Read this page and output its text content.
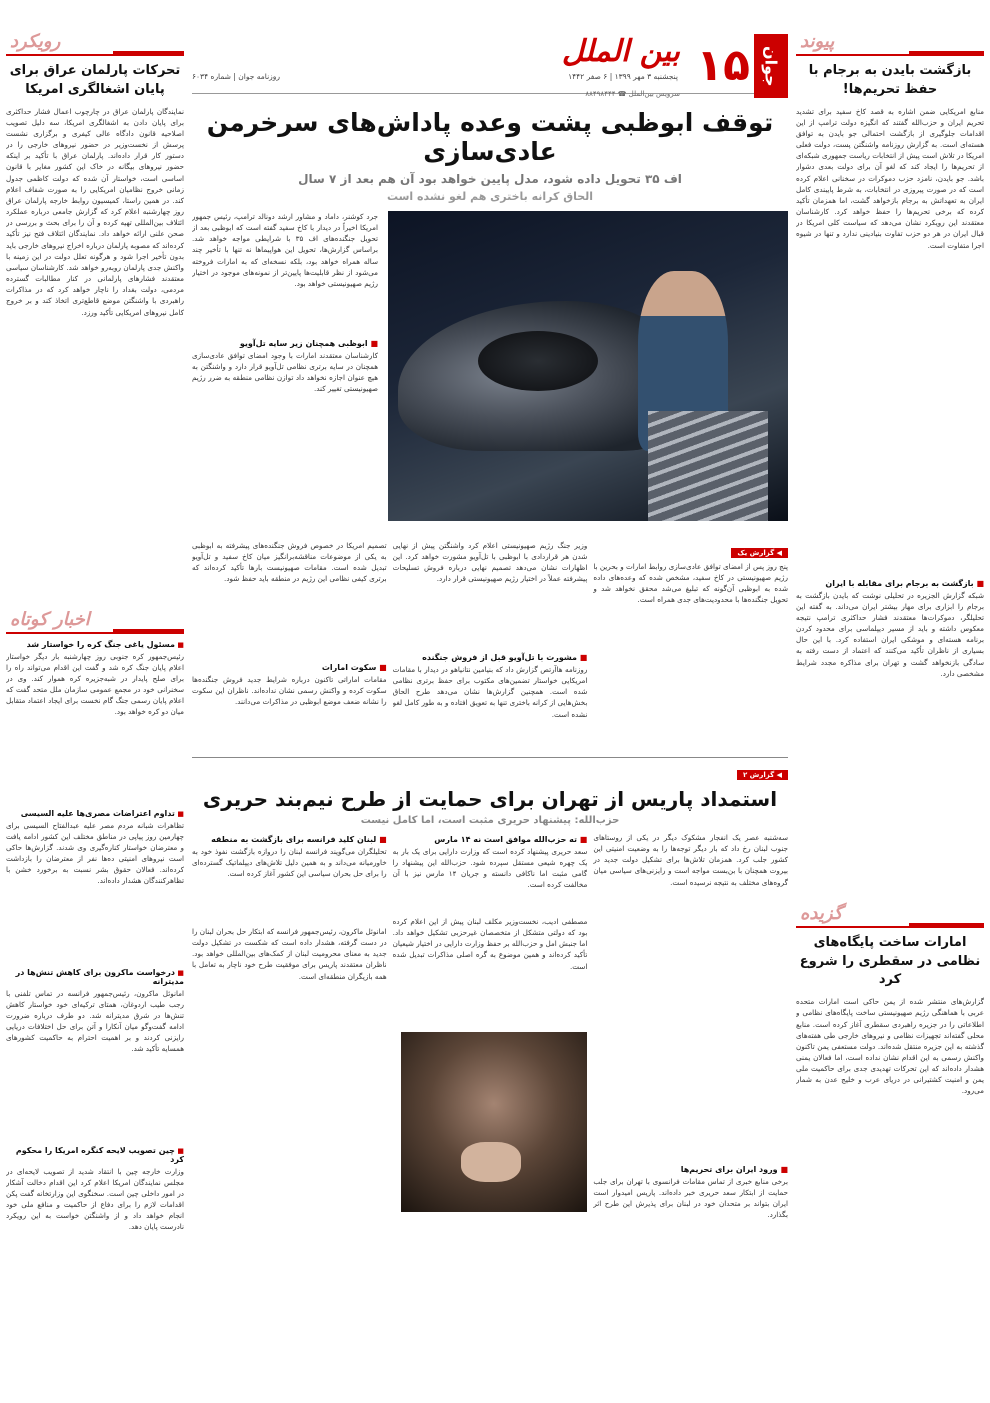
رویکرد
تحرکات پارلمان عراق برای پایان اشغالگری امریکا
نمایندگان پارلمان عراق در چارچوب اعمال فشار حداکثری برای پایان دادن به اشغالگری امریکا، سه دلیل تصویب اصلاحیه قانون دادگاه عالی کیفری و برگزاری نشست پرسش از نخست‌وزیر در حضور نیروهای خارجی را در دستور کار قرار داده‌اند. پارلمان عراق با تأکید بر اینکه حضور نیروهای بیگانه در خاک این کشور مغایر با قانون اساسی است، خواستار آن شده که دولت کاظمی جدول زمانی خروج نظامیان امریکایی را به صورت شفاف اعلام کند. در همین راستا، کمیسیون روابط خارجه پارلمان عراق روز چهارشنبه اعلام کرد که گزارش جامعی درباره عملکرد ائتلاف بین‌المللی تهیه کرده و آن را برای بحث و بررسی در صحن علنی ارائه خواهد داد. نمایندگان ائتلاف فتح نیز تأکید کرده‌اند که مصوبه پارلمان درباره اخراج نیروهای خارجی باید بدون تأخیر اجرا شود و هرگونه تعلل دولت در این زمینه با واکنش جدی پارلمان روبه‌رو خواهد شد. کارشناسان سیاسی معتقدند فشارهای پارلمانی در کنار مطالبات گسترده مردمی، دولت بغداد را ناچار خواهد کرد که در مذاکرات راهبردی با واشنگتن موضع قاطع‌تری اتخاذ کند و بر خروج کامل نیروهای امریکایی تأکید ورزد.
اخبار کوتاه
■ مسئول یاغی جنگ کره را خواستار شد
رئیس‌جمهور کره جنوبی روز چهارشنبه بار دیگر خواستار اعلام پایان جنگ کره شد و گفت این اقدام می‌تواند راه را برای صلح پایدار در شبه‌جزیره کره هموار کند. وی در سخنرانی خود در مجمع عمومی سازمان ملل متحد گفت که اعلام پایان رسمی جنگ گام نخست برای ایجاد اعتماد متقابل میان دو کره خواهد بود.
■ تداوم اعتراضات مصری‌ها علیه السیسی
تظاهرات شبانه مردم مصر علیه عبدالفتاح السیسی برای چهارمین روز پیاپی در مناطق مختلف این کشور ادامه یافت و معترضان خواستار کناره‌گیری وی شدند. گزارش‌ها حاکی است نیروهای امنیتی ده‌ها نفر از معترضان را بازداشت کرده‌اند. فعالان حقوق بشر نسبت به برخورد خشن با تظاهرکنندگان هشدار داده‌اند.
■ درخواست ماکرون برای کاهش تنش‌ها در مدیترانه
امانوئل ماکرون، رئیس‌جمهور فرانسه در تماس تلفنی با رجب طیب اردوغان، همتای ترکیه‌ای خود خواستار کاهش تنش‌ها در شرق مدیترانه شد. دو طرف درباره ضرورت ادامه گفت‌وگو میان آنکارا و آتن برای حل اختلافات دریایی رایزنی کردند و بر اهمیت احترام به حاکمیت کشورهای همسایه تأکید شد.
■ چین تصویب لایحه کنگره امریکا را محکوم کرد
وزارت خارجه چین با انتقاد شدید از تصویب لایحه‌ای در مجلس نمایندگان امریکا اعلام کرد این اقدام دخالت آشکار در امور داخلی چین است. سخنگوی این وزارتخانه گفت پکن اقدامات لازم را برای دفاع از حاکمیت و منافع ملی خود انجام خواهد داد و از واشنگتن خواست به این رویکرد نادرست پایان دهد.
جوان
۱۵
بین الملل
پنجشنبه ۳ مهر ۱۳۹۹ | ۶ صفر ۱۴۴۲
روزنامه جوان | شماره ۶۰۳۴
سرویس بین‌الملل ☎ ۸۸۴۹۸۴۴۴
توقف ابوظبی پشت وعده پاداش‌های سرخرمن عادی‌سازی
اف ۳۵ تحویل داده شود، مدل پایین خواهد بود آن هم بعد از ۷ سال
الحاق کرانه باختری هم لغو نشده است
جرد کوشنر، داماد و مشاور ارشد دونالد ترامپ، رئیس جمهور امریکا اخیراً در دیدار با کاخ سفید گفته است که ابوظبی بعد از تحویل جنگنده‌های اف ۳۵ با شرایطی مواجه خواهد شد. براساس گزارش‌ها، تحویل این هواپیماها نه تنها با تأخیر چند ساله همراه خواهد بود، بلکه نسخه‌ای که به امارات فروخته می‌شود از نظر قابلیت‌ها پایین‌تر از نمونه‌های موجود در اختیار رژیم صهیونیستی خواهد بود.
■ ابوظبی همچنان زیر سایه تل‌آویو
کارشناسان معتقدند امارات با وجود امضای توافق عادی‌سازی همچنان در سایه برتری نظامی تل‌آویو قرار دارد و واشنگتن به هیچ عنوان اجازه نخواهد داد توازن نظامی منطقه به ضرر رژیم صهیونیستی تغییر کند.
◀ گزارش یک
پنج روز پس از امضای توافق عادی‌سازی روابط امارات و بحرین با رژیم صهیونیستی در کاخ سفید، مشخص شده که وعده‌های داده شده به ابوظبی آن‌گونه که تبلیغ می‌شد محقق نخواهد شد و تحویل جنگنده‌ها با محدودیت‌های جدی همراه است.
وزیر جنگ رژیم صهیونیستی اعلام کرد واشنگتن پیش از نهایی شدن هر قراردادی با ابوظبی با تل‌آویو مشورت خواهد کرد. این اظهارات نشان می‌دهد تصمیم نهایی درباره فروش تسلیحات پیشرفته عملاً در اختیار رژیم صهیونیستی قرار دارد.
■ مشورت با تل‌آویو قبل از فروش جنگنده
روزنامه هاآرتص گزارش داد که بنیامین نتانیاهو در دیدار با مقامات امریکایی خواستار تضمین‌های مکتوب برای حفظ برتری نظامی شده است. همچنین گزارش‌ها نشان می‌دهد طرح الحاق بخش‌هایی از کرانه باختری تنها به تعویق افتاده و به طور کامل لغو نشده است.
تصمیم امریکا در خصوص فروش جنگنده‌های پیشرفته به ابوظبی به یکی از موضوعات مناقشه‌برانگیز میان کاخ سفید و تل‌آویو تبدیل شده است. مقامات صهیونیست بارها تأکید کرده‌اند که برتری کیفی نظامی این رژیم در منطقه باید حفظ شود.
■ سکوت امارات
مقامات اماراتی تاکنون درباره شرایط جدید فروش جنگنده‌ها سکوت کرده و واکنش رسمی نشان نداده‌اند. ناظران این سکوت را نشانه ضعف موضع ابوظبی در مذاکرات می‌دانند.
◀ گزارش ۲
استمداد پاریس از تهران برای حمایت از طرح نیم‌بند حریری
حزب‌الله: پیشنهاد حریری مثبت است، اما کامل نیست
سه‌شنبه عصر یک انفجار مشکوک دیگر در یکی از روستاهای جنوب لبنان رخ داد که بار دیگر توجه‌ها را به وضعیت امنیتی این کشور جلب کرد. همزمان تلاش‌ها برای تشکیل دولت جدید در بیروت همچنان با بن‌بست مواجه است و رایزنی‌های سیاسی میان گروه‌های مختلف به نتیجه نرسیده است.
■ ورود ایران برای تحریم‌ها
برخی منابع خبری از تماس مقامات فرانسوی با تهران برای جلب حمایت از ابتکار سعد حریری خبر داده‌اند. پاریس امیدوار است ایران بتواند بر متحدان خود در لبنان برای پذیرش این طرح اثر بگذارد.
■ ته حزب‌الله موافق است نه ۱۴ مارس
سعد حریری پیشنهاد کرده است که وزارت دارایی برای یک بار به یک چهره شیعی مستقل سپرده شود. حزب‌الله این پیشنهاد را گامی مثبت اما ناکافی دانسته و جریان ۱۴ مارس نیز با آن مخالفت کرده است.
مصطفی ادیب، نخست‌وزیر مکلف لبنان پیش از این اعلام کرده بود که دولتی متشکل از متخصصان غیرحزبی تشکیل خواهد داد. اما جنبش امل و حزب‌الله بر حفظ وزارت دارایی در اختیار شیعیان تأکید کرده‌اند و همین موضوع به گره اصلی مذاکرات تبدیل شده است.
■ لبنان کلید فرانسه برای بازگشت به منطقه
تحلیلگران می‌گویند فرانسه لبنان را دروازه بازگشت نفوذ خود به خاورمیانه می‌داند و به همین دلیل تلاش‌های دیپلماتیک گسترده‌ای را برای حل بحران سیاسی این کشور آغاز کرده است.
امانوئل ماکرون، رئیس‌جمهور فرانسه که ابتکار حل بحران لبنان را در دست گرفته، هشدار داده است که شکست در تشکیل دولت جدید به معنای محرومیت لبنان از کمک‌های بین‌المللی خواهد بود. ناظران معتقدند پاریس برای موفقیت طرح خود ناچار به تعامل با همه بازیگران منطقه‌ای است.
پیوند
بازگشت بایدن به برجام با حفظ تحریم‌ها!
منابع امریکایی ضمن اشاره به قصد کاخ سفید برای تشدید تحریم ایران و حزب‌الله گفتند که انگیزه دولت ترامپ از این اقدامات جلوگیری از بازگشت احتمالی جو بایدن به توافق هسته‌ای است. به گزارش روزنامه واشنگتن پست، دولت فعلی امریکا در تلاش است پیش از انتخابات ریاست جمهوری شبکه‌ای از تحریم‌ها را ایجاد کند که لغو آن برای دولت بعدی دشوار باشد. جو بایدن، نامزد حزب دموکرات در سخنانی اعلام کرده است که در صورت پیروزی در انتخابات، به شرط پایبندی کامل ایران به تعهداتش به برجام بازخواهد گشت، اما همزمان تأکید کرده که برخی تحریم‌ها را حفظ خواهد کرد. کارشناسان معتقدند این رویکرد نشان می‌دهد که سیاست کلی امریکا در قبال ایران در هر دو حزب تفاوت بنیادینی ندارد و تنها در شیوه اجرا متفاوت است.
■ بازگشت به برجام برای مقابله با ایران
شبکه گزارش الجزیره در تحلیلی نوشت که بایدن بازگشت به برجام را ابزاری برای مهار بیشتر ایران می‌داند. به گفته این تحلیلگر، دموکرات‌ها معتقدند فشار حداکثری ترامپ نتیجه معکوس داشته و باید از مسیر دیپلماسی برای محدود کردن برنامه هسته‌ای و موشکی ایران استفاده کرد. با این حال بسیاری از ناظران تأکید می‌کنند که اعتماد از دست رفته به سادگی بازنخواهد گشت و تهران برای مذاکره مجدد شرایط مشخصی دارد.
گزیده
امارات ساخت پایگاه‌های نظامی در سقطری را شروع کرد
گزارش‌های منتشر شده از یمن حاکی است امارات متحده عربی با هماهنگی رژیم صهیونیستی ساخت پایگاه‌های نظامی و اطلاعاتی را در جزیره راهبردی سقطری آغاز کرده است. منابع محلی گفته‌اند تجهیزات نظامی و نیروهای خارجی طی هفته‌های گذشته به این جزیره منتقل شده‌اند. دولت مستعفی یمن تاکنون واکنش رسمی به این اقدام نشان نداده است، اما فعالان یمنی هشدار داده‌اند که این تحرکات تهدیدی جدی برای حاکمیت ملی یمن و امنیت کشتیرانی در دریای عرب و خلیج عدن به شمار می‌رود.
